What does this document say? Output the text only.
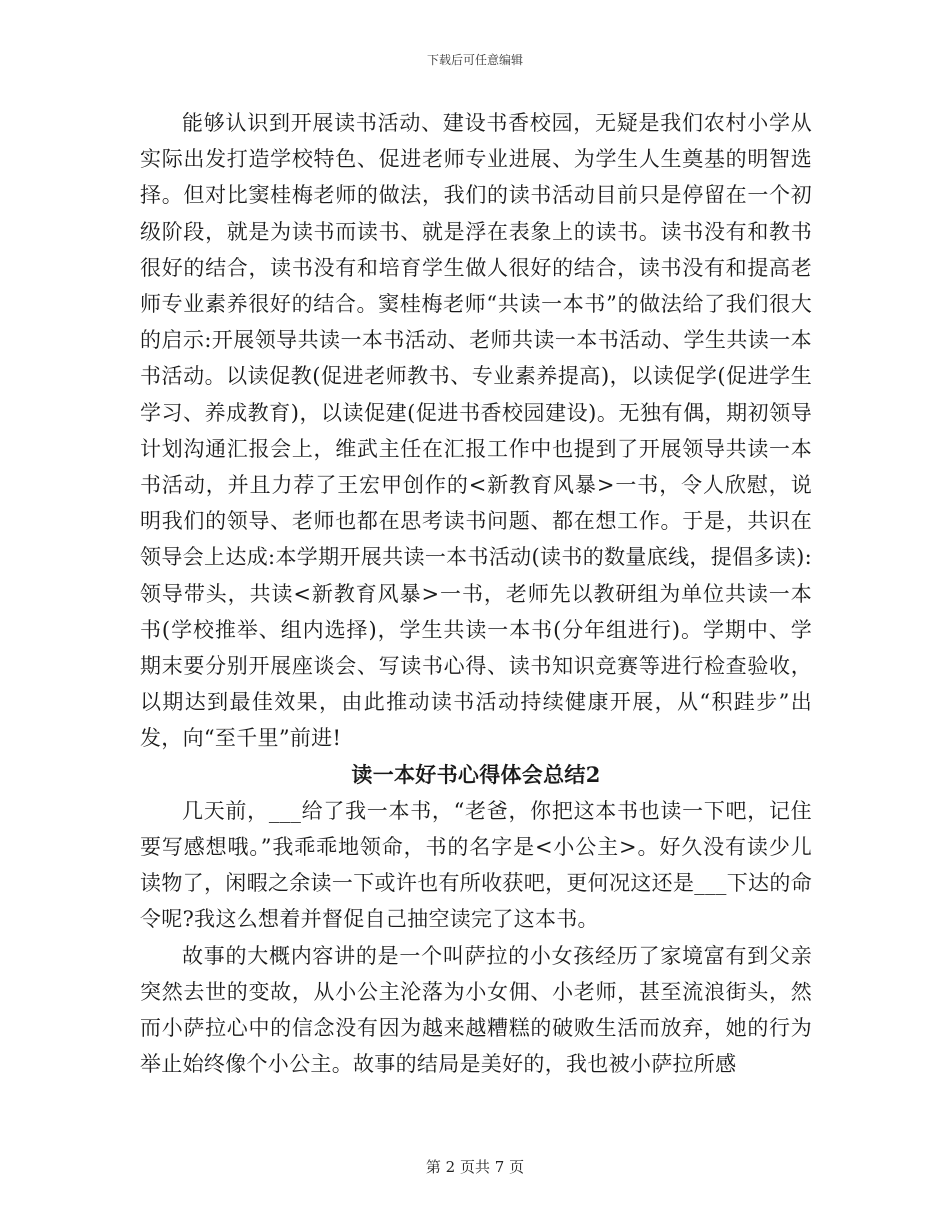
下载后可任意编辑

能够认识到开展读书活动、建设书香校园，无疑是我们农村小学从实际出发打造学校特色、促进老师专业进展、为学生人生奠基的明智选择。但对比窦桂梅老师的做法，我们的读书活动目前只是停留在一个初级阶段，就是为读书而读书、就是浮在表象上的读书。读书没有和教书很好的结合，读书没有和培育学生做人很好的结合，读书没有和提高老师专业素养很好的结合。窦桂梅老师“共读一本书”的做法给了我们很大的启示:开展领导共读一本书活动、老师共读一本书活动、学生共读一本书活动。以读促教(促进老师教书、专业素养提高)，以读促学(促进学生学习、养成教育)，以读促建(促进书香校园建设)。无独有偶，期初领导计划沟通汇报会上，维武主任在汇报工作中也提到了开展领导共读一本书活动，并且力荐了王宏甲创作的<新教育风暴>一书，令人欣慰，说明我们的领导、老师也都在思考读书问题、都在想工作。于是，共识在领导会上达成:本学期开展共读一本书活动(读书的数量底线，提倡多读):领导带头，共读<新教育风暴>一书，老师先以教研组为单位共读一本书(学校推举、组内选择)，学生共读一本书(分年组进行)。学期中、学期末要分别开展座谈会、写读书心得、读书知识竞赛等进行检查验收，以期达到最佳效果，由此推动读书活动持续健康开展，从“积跬步”出发，向“至千里”前进!

读一本好书心得体会总结2

几天前，___给了我一本书，“老爸，你把这本书也读一下吧，记住要写感想哦。”我乖乖地领命，书的名字是<小公主>。好久没有读少儿读物了，闲暇之余读一下或许也有所收获吧，更何况这还是___下达的命令呢?我这么想着并督促自己抽空读完了这本书。

故事的大概内容讲的是一个叫萨拉的小女孩经历了家境富有到父亲突然去世的变故，从小公主沦落为小女佣、小老师，甚至流浪街头，然而小萨拉心中的信念没有因为越来越糟糕的破败生活而放弃，她的行为举止始终像个小公主。故事的结局是美好的，我也被小萨拉所感

第 2 页共 7 页
